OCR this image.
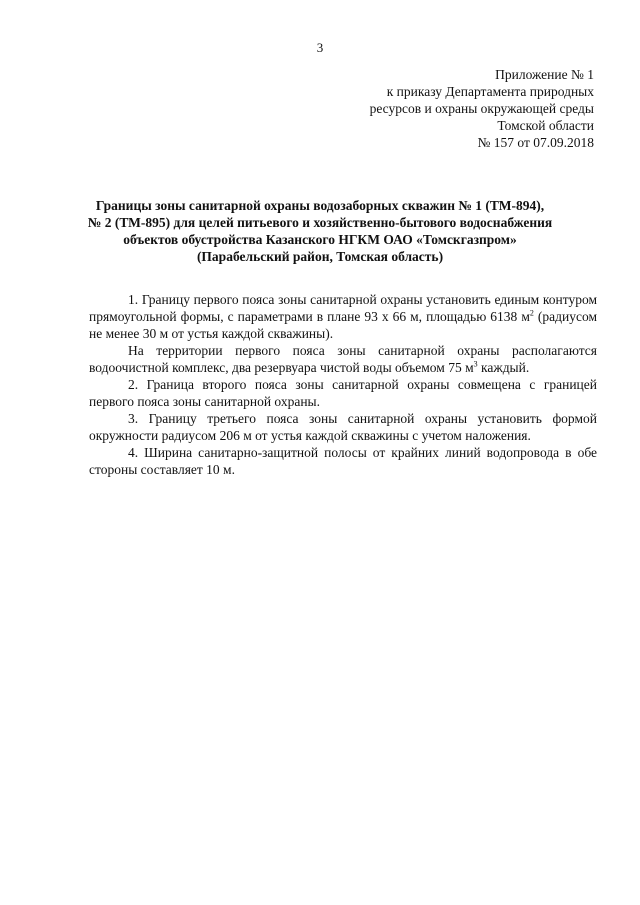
3
Приложение № 1
к приказу Департамента природных
ресурсов и охраны окружающей среды
Томской области
№ 157 от 07.09.2018
Границы зоны санитарной охраны водозаборных скважин № 1 (ТМ-894),
№ 2 (ТМ-895) для целей питьевого и хозяйственно-бытового водоснабжения
объектов обустройства Казанского НГКМ ОАО «Томскгазпром»
(Парабельский район, Томская область)

1. Границу первого пояса зоны санитарной охраны установить единым контуром прямоугольной формы, с параметрами в плане 93 х 66 м, площадью 6138 $м^2$ (радиусом не менее 30 м от устья каждой скважины).

На территории первого пояса зоны санитарной охраны располагаются водоочистной комплекс, два резервуара чистой воды объемом 75 $м^3$ каждый.

2. Граница второго пояса зоны санитарной охраны совмещена с границей первого пояса зоны санитарной охраны.

3. Границу третьего пояса зоны санитарной охраны установить формой окружности радиусом 206 м от устья каждой скважины с учетом наложения.

4. Ширина санитарно-защитной полосы от крайних линий водопровода в обе стороны составляет 10 м.
